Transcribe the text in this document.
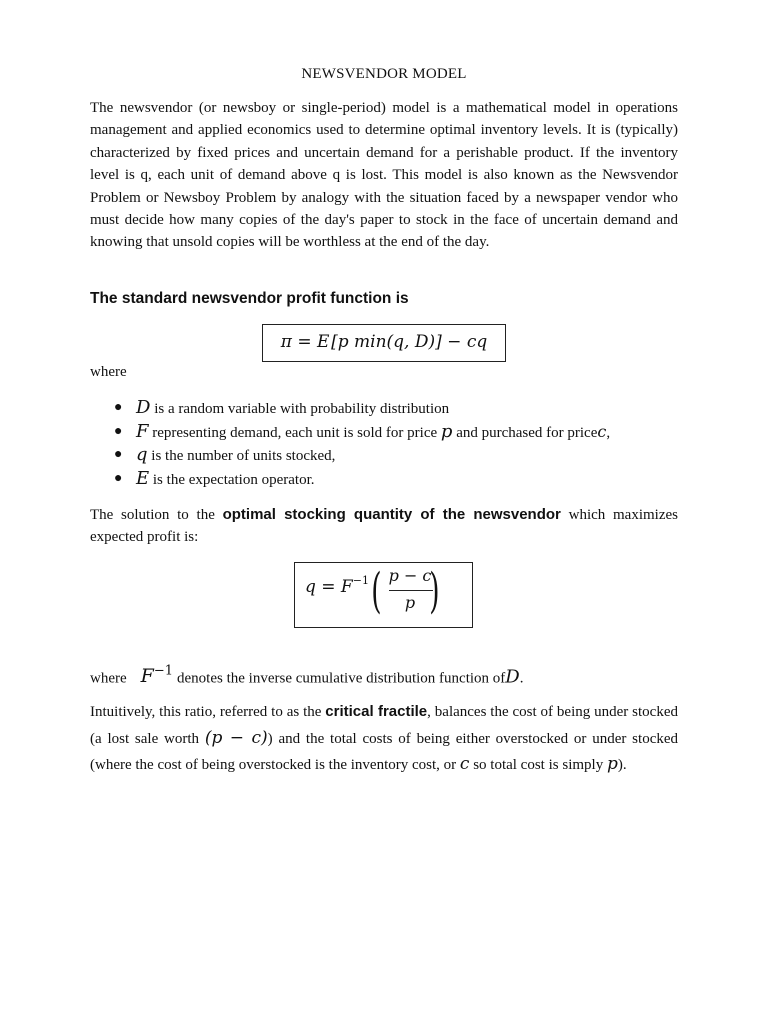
NEWSVENDOR MODEL

The newsvendor (or newsboy or single-period) model is a mathematical model in operations management and applied economics used to determine optimal inventory levels. It is (typically) characterized by fixed prices and uncertain demand for a perishable product. If the inventory level is q, each unit of demand above q is lost. This model is also known as the Newsvendor Problem or Newsboy Problem by analogy with the situation faced by a newspaper vendor who must decide how many copies of the day's paper to stock in the face of uncertain demand and knowing that unsold copies will be worthless at the end of the day.

The standard newsvendor profit function is
π = E  [p min(q, D)] − cq
where
● D is a random variable with probability distribution
● F representing demand, each unit is sold for price p and purchased for pricec,
● q is the number of units stocked,
● E is the expectation operator.

The solution to the optimal stocking quantity of the newsvendor which maximizes expected profit is:

$q = F^{-1}$ ( p − c
p )
where $F^{-1}$ denotes the inverse cumulative distribution function ofD.

Intuitively, this ratio, referred to as the critical fractile, balances the cost of being under stocked (a lost sale worth (p − c)) and the total costs of being either overstocked or under stocked (where the cost of being overstocked is the inventory cost, or c so total cost is simply p).
